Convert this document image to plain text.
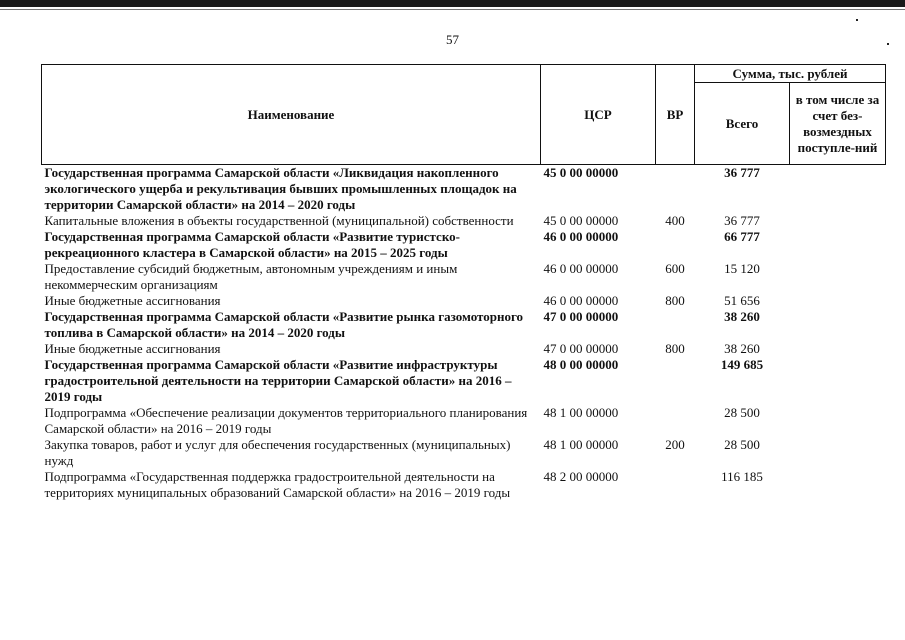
57
Наименование	ЦСР	ВР	Сумма, тыс. рублей	
			Всего	в том числе за счет без-возмездных поступле-ний
Государственная программа Самарской области «Ликвидация накопленного экологического ущерба и рекультивация бывших промышленных площадок на территории Самарской области» на 2014 – 2020 годы	45 0 00 00000		36 777	
Капитальные вложения в объекты государственной (муниципальной) собственности	45 0 00 00000	400	36 777	
Государственная программа Самарской области «Развитие туристско-рекреационного кластера в Самарской области» на 2015 – 2025 годы	46 0 00 00000		66 777	
Предоставление субсидий бюджетным, автономным учреждениям и иным некоммерческим организациям	46 0 00 00000	600	15 120	
Иные бюджетные ассигнования	46 0 00 00000	800	51 656	
Государственная программа Самарской области «Развитие рынка газомоторного топлива в Самарской области» на 2014 – 2020 годы	47 0 00 00000		38 260	
Иные бюджетные ассигнования	47 0 00 00000	800	38 260	
Государственная программа Самарской области «Развитие инфраструктуры градостроительной деятельности на территории Самарской области» на 2016 – 2019 годы	48 0 00 00000		149 685	
Подпрограмма «Обеспечение реализации документов территориального планирования Самарской области» на 2016 – 2019 годы	48 1 00 00000		28 500	
Закупка товаров, работ и услуг для обеспечения государственных (муниципальных) нужд	48 1 00 00000	200	28 500	
Подпрограмма «Государственная поддержка градостроительной деятельности на территориях муниципальных образований Самарской области» на 2016 – 2019 годы	48 2 00 00000		116 185	
